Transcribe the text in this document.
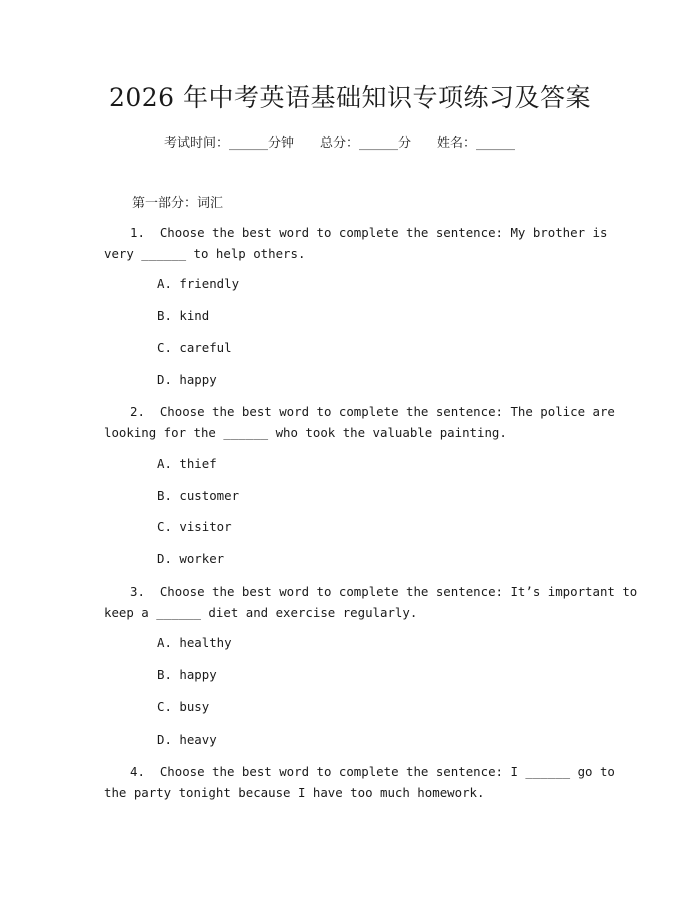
2026 年中考英语基础知识专项练习及答案
考试时间：______分钟 总分：______分 姓名：______
第一部分：词汇
1.  Choose the best word to complete the sentence: My brother is
very ______ to help others.
A. friendly
B. kind
C. careful
D. happy
2.  Choose the best word to complete the sentence: The police are
looking for the ______ who took the valuable painting.
A. thief
B. customer
C. visitor
D. worker
3.  Choose the best word to complete the sentence: It’s important to
keep a ______ diet and exercise regularly.
A. healthy
B. happy
C. busy
D. heavy
4.  Choose the best word to complete the sentence: I ______ go to
the party tonight because I have too much homework.
